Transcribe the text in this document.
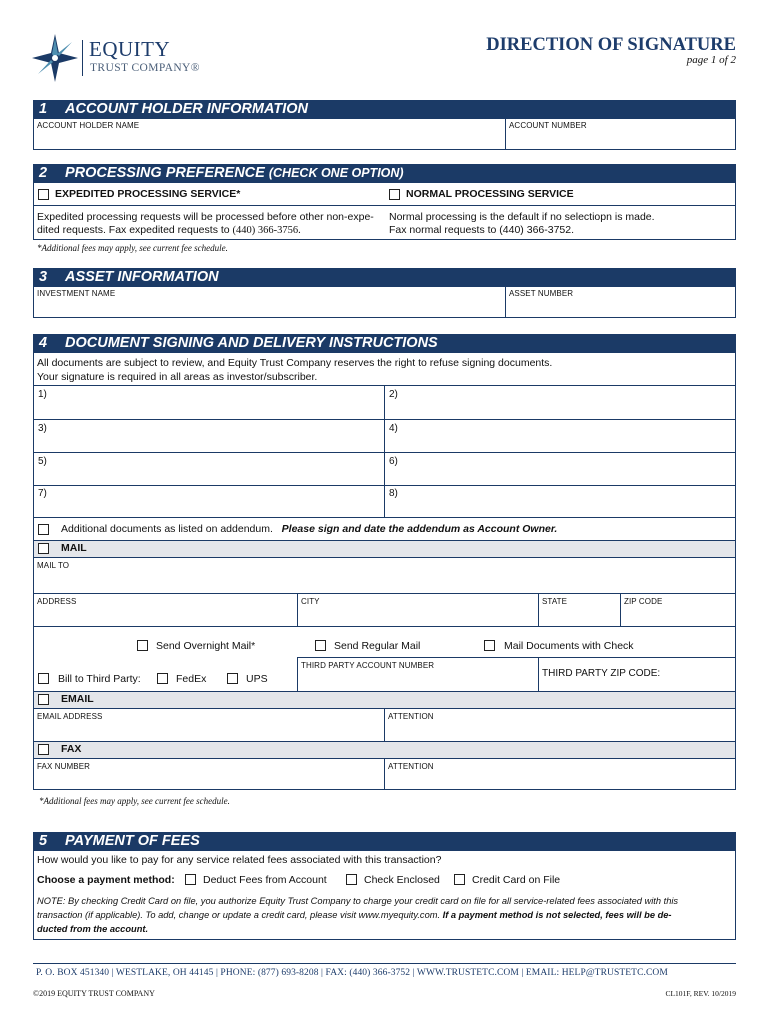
EQUITY
TRUST COMPANY®
DIRECTION OF SIGNATURE
page 1 of 2
1 ACCOUNT HOLDER INFORMATION
ACCOUNT HOLDER NAME	ACCOUNT NUMBER
2 PROCESSING PREFERENCE (CHECK ONE OPTION)
EXPEDITED PROCESSING SERVICE*	NORMAL PROCESSING SERVICE
Expedited processing requests will be processed before other non-expe-
dited requests. Fax expedited requests to (440) 366-3756.
Normal processing is the default if no selectiopn is made.
Fax normal requests to (440) 366-3752.
*Additional fees may apply, see current fee schedule.
3 ASSET INFORMATION
INVESTMENT NAME	ASSET NUMBER
4 DOCUMENT SIGNING AND DELIVERY INSTRUCTIONS
All documents are subject to review, and Equity Trust Company reserves the right to refuse signing documents.
Your signature is required in all areas as investor/subscriber.
1)	2)
3)	4)
5)	6)
7)	8)
Additional documents as listed on addendum. Please sign and date the addendum as Account Owner.
MAIL
MAIL TO
ADDRESS	CITY	STATE	ZIP CODE
Send Overnight Mail*	Send Regular Mail	Mail Documents with Check
THIRD PARTY ACCOUNT NUMBER
THIRD PARTY ZIP CODE:
Bill to Third Party:	FedEx	UPS
EMAIL
EMAIL ADDRESS	ATTENTION
FAX
FAX NUMBER	ATTENTION
*Additional fees may apply, see current fee schedule.
5 PAYMENT OF FEES
How would you like to pay for any service related fees associated with this transaction?
Choose a payment method:	Deduct Fees from Account	Check Enclosed	Credit Card on File
NOTE: By checking Credit Card on file, you authorize Equity Trust Company to charge your credit card on file for all service-related fees associated with this
transaction (if applicable). To add, change or update a credit card, please visit www.myequity.com. If a payment method is not selected, fees will be de-
ducted from the account.
P. O. BOX 451340 | WESTLAKE, OH 44145 | PHONE: (877) 693-8208 | FAX: (440) 366-3752 | WWW.TRUSTETC.COM | EMAIL: HELP@TRUSTETC.COM
©2019 EQUITY TRUST COMPANY	CL101F, REV. 10/2019
